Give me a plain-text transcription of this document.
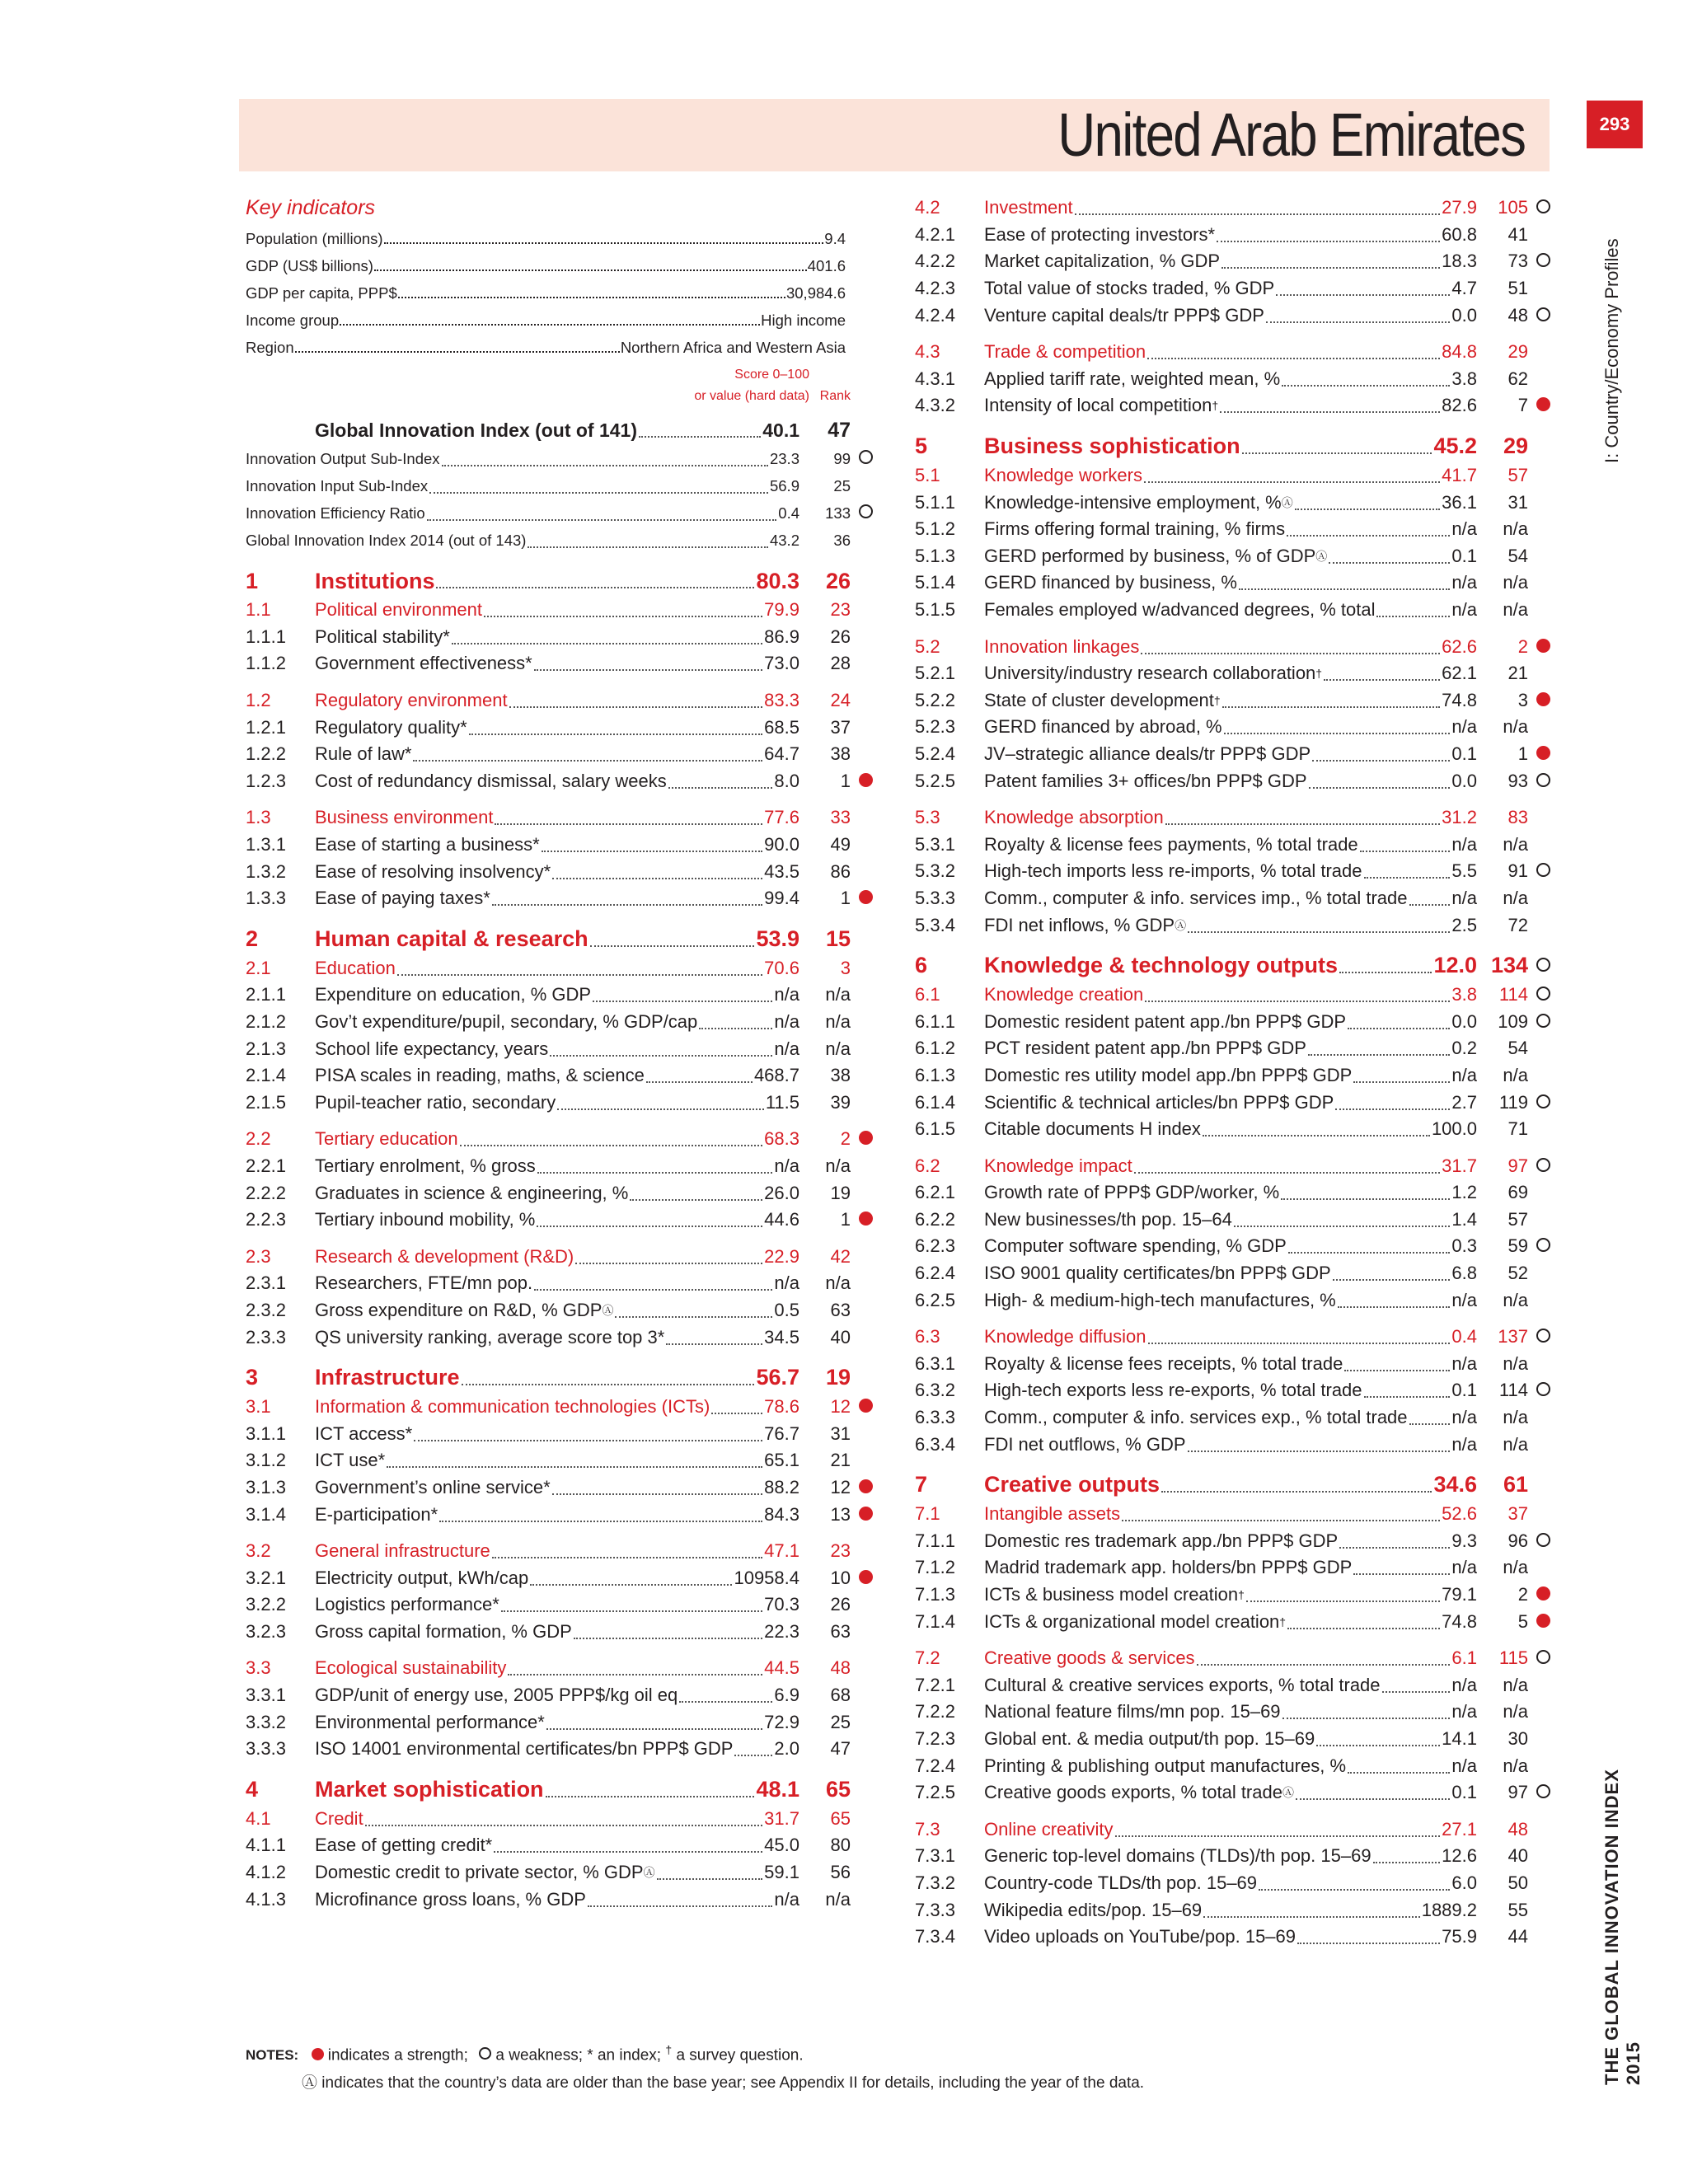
United Arab Emirates	293
I: Country/Economy Profiles
THE GLOBAL INNOVATION INDEX 2015
Key indicators
Population (millions)	9.4
GDP (US$ billions)	401.6
GDP per capita, PPP$	30,984.6
Income group	High income
Region	Northern Africa and Western Asia
Score 0–100
or value (hard data) Rank
Global Innovation Index (out of 141)	40.1	47
Innovation Output Sub-Index	23.3	99
Innovation Input Sub-Index	56.9	25
Innovation Efficiency Ratio	0.4	133
Global Innovation Index 2014 (out of 143)	43.2	36
1	Institutions	80.3	26
1.1	Political environment	79.9	23
1.1.1	Political stability*	86.9	26
1.1.2	Government effectiveness*	73.0	28
1.2	Regulatory environment	83.3	24
1.2.1	Regulatory quality*	68.5	37
1.2.2	Rule of law*	64.7	38
1.2.3	Cost of redundancy dismissal, salary weeks	8.0	1
1.3	Business environment	77.6	33
1.3.1	Ease of starting a business*	90.0	49
1.3.2	Ease of resolving insolvency*	43.5	86
1.3.3	Ease of paying taxes*	99.4	1
2	Human capital & research	53.9	15
2.1	Education	70.6	3
2.1.1	Expenditure on education, % GDP	n/a	n/a
2.1.2	Gov’t expenditure/pupil, secondary, % GDP/cap	n/a	n/a
2.1.3	School life expectancy, years	n/a	n/a
2.1.4	PISA scales in reading, maths, & science	468.7	38
2.1.5	Pupil-teacher ratio, secondary	11.5	39
2.2	Tertiary education	68.3	2
2.2.1	Tertiary enrolment, % gross	n/a	n/a
2.2.2	Graduates in science & engineering, %	26.0	19
2.2.3	Tertiary inbound mobility, %	44.6	1
2.3	Research & development (R&D)	22.9	42
2.3.1	Researchers, FTE/mn pop.	n/a	n/a
2.3.2	Gross expenditure on R&D, % GDP Ⓐ	0.5	63
2.3.3	QS university ranking, average score top 3*	34.5	40
3	Infrastructure	56.7	19
3.1	Information & communication technologies (ICTs)	78.6	12
3.1.1	ICT access*	76.7	31
3.1.2	ICT use*	65.1	21
3.1.3	Government’s online service*	88.2	12
3.1.4	E-participation*	84.3	13
3.2	General infrastructure	47.1	23
3.2.1	Electricity output, kWh/cap	10958.4	10
3.2.2	Logistics performance*	70.3	26
3.2.3	Gross capital formation, % GDP	22.3	63
3.3	Ecological sustainability	44.5	48
3.3.1	GDP/unit of energy use, 2005 PPP$/kg oil eq	6.9	68
3.3.2	Environmental performance*	72.9	25
3.3.3	ISO 14001 environmental certificates/bn PPP$ GDP 2.0	47
4	Market sophistication	48.1	65
4.1	Credit	31.7	65
4.1.1	Ease of getting credit*	45.0	80
4.1.2	Domestic credit to private sector, % GDP Ⓐ	59.1	56
4.1.3	Microfinance gross loans, % GDP	n/a	n/a
4.2	Investment	27.9	105
4.2.1	Ease of protecting investors*	60.8	41
4.2.2	Market capitalization, % GDP	18.3	73
4.2.3	Total value of stocks traded, % GDP	4.7	51
4.2.4	Venture capital deals/tr PPP$ GDP	0.0	48
4.3	Trade & competition	84.8	29
4.3.1	Applied tariff rate, weighted mean, %	3.8	62
4.3.2	Intensity of local competition †	82.6	7
5	Business sophistication	45.2	29
5.1	Knowledge workers	41.7	57
5.1.1	Knowledge-intensive employment, % Ⓐ	36.1	31
5.1.2	Firms offering formal training, % firms	n/a	n/a
5.1.3	GERD performed by business, % of GDP Ⓐ	0.1	54
5.1.4	GERD financed by business, %	n/a	n/a
5.1.5	Females employed w/advanced degrees, % total	n/a	n/a
5.2	Innovation linkages	62.6	2
5.2.1	University/industry research collaboration †	62.1	21
5.2.2	State of cluster development †	74.8	3
5.2.3	GERD financed by abroad, %	n/a	n/a
5.2.4	JV–strategic alliance deals/tr PPP$ GDP	0.1	1
5.2.5	Patent families 3+ offices/bn PPP$ GDP	0.0	93
5.3	Knowledge absorption	31.2	83
5.3.1	Royalty & license fees payments, % total trade	n/a	n/a
5.3.2	High-tech imports less re-imports, % total trade	5.5	91
5.3.3	Comm., computer & info. services imp., % total trade n/a	n/a
5.3.4	FDI net inflows, % GDP Ⓐ	2.5	72
6	Knowledge & technology outputs	12.0 134
6.1	Knowledge creation	3.8	114
6.1.1	Domestic resident patent app./bn PPP$ GDP	0.0	109
6.1.2	PCT resident patent app./bn PPP$ GDP	0.2	54
6.1.3	Domestic res utility model app./bn PPP$ GDP	n/a	n/a
6.1.4	Scientific & technical articles/bn PPP$ GDP	2.7	119
6.1.5	Citable documents H index	100.0	71
6.2	Knowledge impact	31.7	97
6.2.1	Growth rate of PPP$ GDP/worker, %	1.2	69
6.2.2	New businesses/th pop. 15–64	1.4	57
6.2.3	Computer software spending, % GDP	0.3	59
6.2.4	ISO 9001 quality certificates/bn PPP$ GDP	6.8	52
6.2.5	High- & medium-high-tech manufactures, %	n/a	n/a
6.3	Knowledge diffusion	0.4	137
6.3.1	Royalty & license fees receipts, % total trade	n/a	n/a
6.3.2	High-tech exports less re-exports, % total trade	0.1	114
6.3.3	Comm., computer & info. services exp., % total trade n/a	n/a
6.3.4	FDI net outflows, % GDP	n/a	n/a
7	Creative outputs	34.6	61
7.1	Intangible assets	52.6	37
7.1.1	Domestic res trademark app./bn PPP$ GDP	9.3	96
7.1.2	Madrid trademark app. holders/bn PPP$ GDP	n/a	n/a
7.1.3	ICTs & business model creation †	79.1	2
7.1.4	ICTs & organizational model creation †	74.8	5
7.2	Creative goods & services	6.1	115
7.2.1	Cultural & creative services exports, % total trade	n/a	n/a
7.2.2	National feature films/mn pop. 15–69	n/a	n/a
7.2.3	Global ent. & media output/th pop. 15–69	14.1	30
7.2.4	Printing & publishing output manufactures, %	n/a	n/a
7.2.5	Creative goods exports, % total trade Ⓐ	0.1	97
7.3	Online creativity	27.1	48
7.3.1	Generic top-level domains (TLDs)/th pop. 15–69	12.6	40
7.3.2	Country-code TLDs/th pop. 15–69	6.0	50
7.3.3	Wikipedia edits/pop. 15–69	1889.2	55
7.3.4	Video uploads on YouTube/pop. 15–69	75.9	44
NOTES: indicates a strength; a weakness; * an index; † a survey question.
Ⓐ indicates that the country’s data are older than the base year; see Appendix II for details, including the year of the data.
